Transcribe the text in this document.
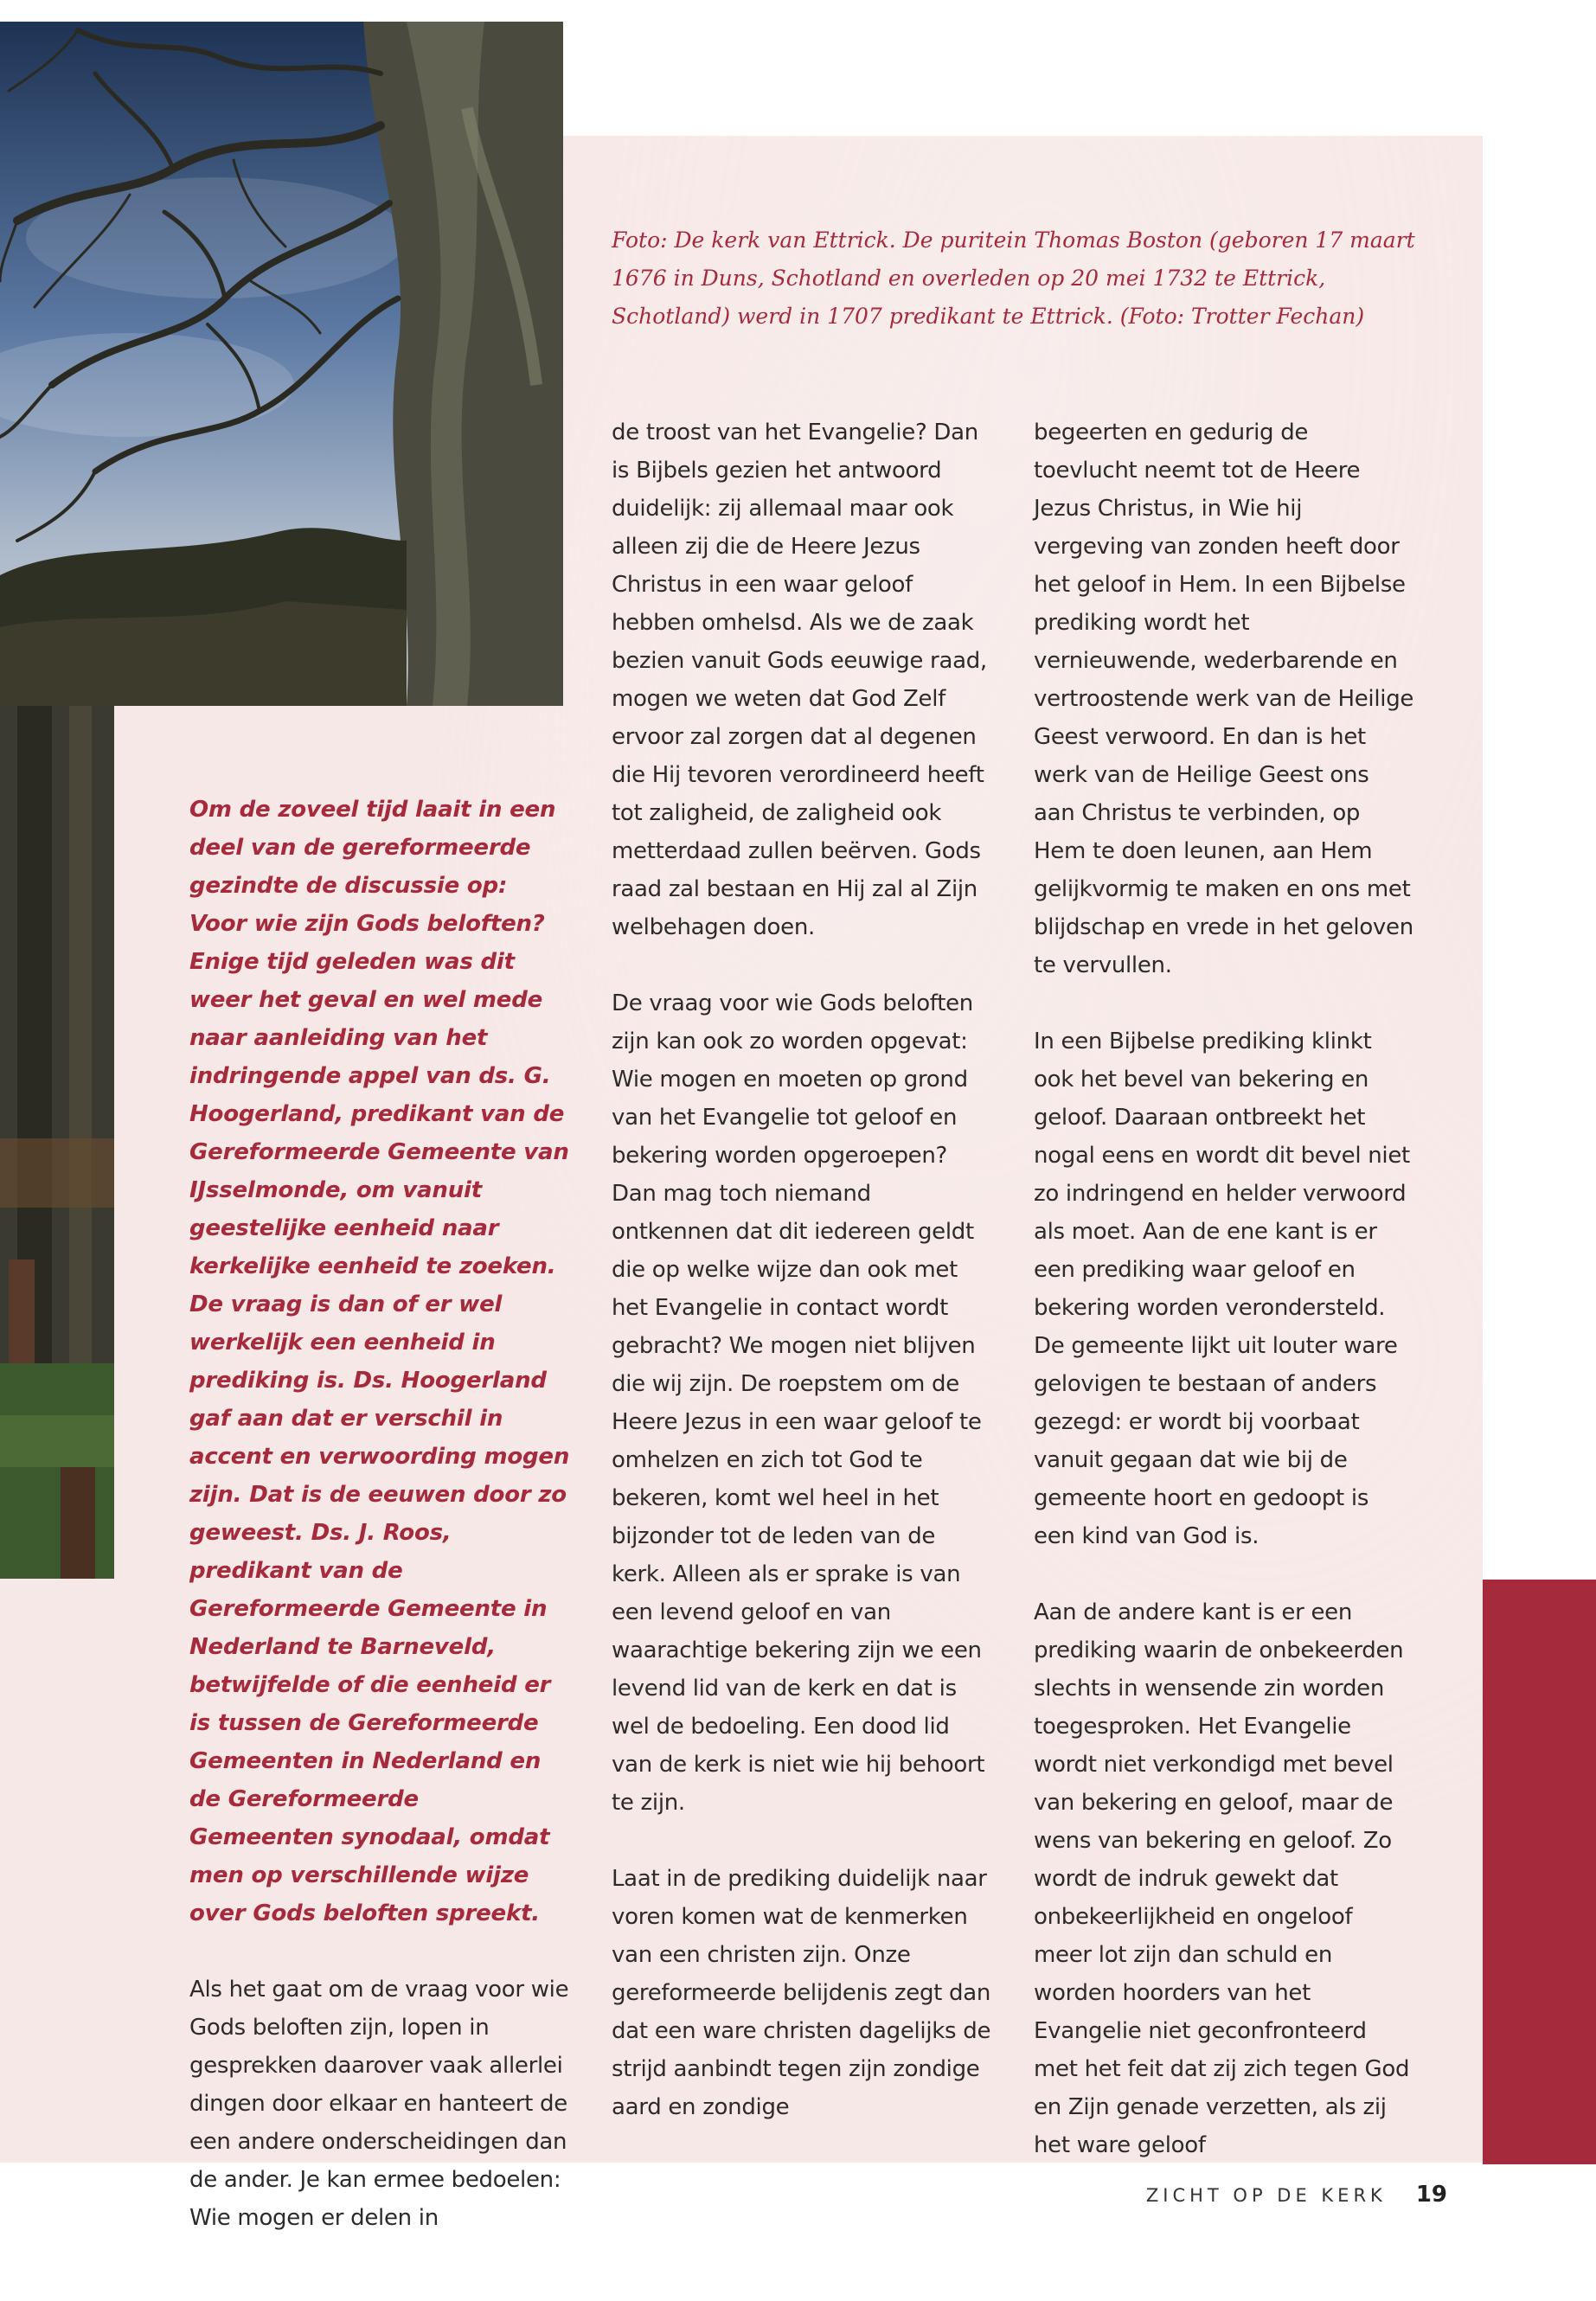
Foto: De kerk van Ettrick. De puritein Thomas Boston (geboren 17 maart 1676 in Duns, Schotland en overleden op 20 mei 1732 te Ettrick, Schotland) werd in 1707 predikant te Ettrick. (Foto: Trotter Fechan)

Om de zoveel tijd laait in een deel van de gereformeerde gezindte de discussie op: Voor wie zijn Gods beloften? Enige tijd geleden was dit weer het geval en wel mede naar aanleiding van het indringende appel van ds. G. Hoogerland, predikant van de Gereformeerde Gemeente van IJsselmonde, om vanuit geestelijke eenheid naar kerkelijke eenheid te zoeken. De vraag is dan of er wel werkelijk een eenheid in prediking is. Ds. Hoogerland gaf aan dat er verschil in accent en verwoording mogen zijn. Dat is de eeuwen door zo geweest. Ds. J. Roos, predikant van de Gereformeerde Gemeente in Nederland te Barneveld, betwijfelde of die eenheid er is tussen de Gereformeerde Gemeenten in Nederland en de Gereformeerde Gemeenten synodaal, omdat men op verschillende wijze over Gods beloften spreekt.

Als het gaat om de vraag voor wie Gods beloften zijn, lopen in gesprekken daarover vaak allerlei dingen door elkaar en hanteert de een andere onderscheidingen dan de ander. Je kan ermee bedoelen: Wie mogen er delen in

de troost van het Evangelie? Dan is Bijbels gezien het antwoord duidelijk: zij allemaal maar ook alleen zij die de Heere Jezus Christus in een waar geloof hebben omhelsd. Als we de zaak bezien vanuit Gods eeuwige raad, mogen we weten dat God Zelf ervoor zal zorgen dat al degenen die Hij tevoren verordineerd heeft tot zaligheid, de zaligheid ook metterdaad zullen beërven. Gods raad zal bestaan en Hij zal al Zijn welbehagen doen.

De vraag voor wie Gods beloften zijn kan ook zo worden opgevat: Wie mogen en moeten op grond van het Evangelie tot geloof en bekering worden opgeroepen? Dan mag toch niemand ontkennen dat dit iedereen geldt die op welke wijze dan ook met het Evangelie in contact wordt gebracht? We mogen niet blijven die wij zijn. De roepstem om de Heere Jezus in een waar geloof te omhelzen en zich tot God te bekeren, komt wel heel in het bijzonder tot de leden van de kerk. Alleen als er sprake is van een levend geloof en van waarachtige bekering zijn we een levend lid van de kerk en dat is wel de bedoeling. Een dood lid van de kerk is niet wie hij behoort te zijn.

Laat in de prediking duidelijk naar voren komen wat de kenmerken van een christen zijn. Onze gereformeerde belijdenis zegt dan dat een ware christen dagelijks de strijd aanbindt tegen zijn zondige aard en zondige

begeerten en gedurig de toevlucht neemt tot de Heere Jezus Christus, in Wie hij vergeving van zonden heeft door het geloof in Hem. In een Bijbelse prediking wordt het vernieuwende, wederbarende en vertroostende werk van de Heilige Geest verwoord. En dan is het werk van de Heilige Geest ons aan Christus te verbinden, op Hem te doen leunen, aan Hem gelijkvormig te maken en ons met blijdschap en vrede in het geloven te vervullen.

In een Bijbelse prediking klinkt ook het bevel van bekering en geloof. Daaraan ontbreekt het nogal eens en wordt dit bevel niet zo indringend en helder verwoord als moet. Aan de ene kant is er een prediking waar geloof en bekering worden verondersteld. De gemeente lijkt uit louter ware gelovigen te bestaan of anders gezegd: er wordt bij voorbaat vanuit gegaan dat wie bij de gemeente hoort en gedoopt is een kind van God is.

Aan de andere kant is er een prediking waarin de onbekeerden slechts in wensende zin worden toegesproken. Het Evangelie wordt niet verkondigd met bevel van bekering en geloof, maar de wens van bekering en geloof. Zo wordt de indruk gewekt dat onbekeerlijkheid en ongeloof meer lot zijn dan schuld en worden hoorders van het Evangelie niet geconfronteerd met het feit dat zij zich tegen God en Zijn genade verzetten, als zij het ware geloof

ZICHT OP DE KERK 19
